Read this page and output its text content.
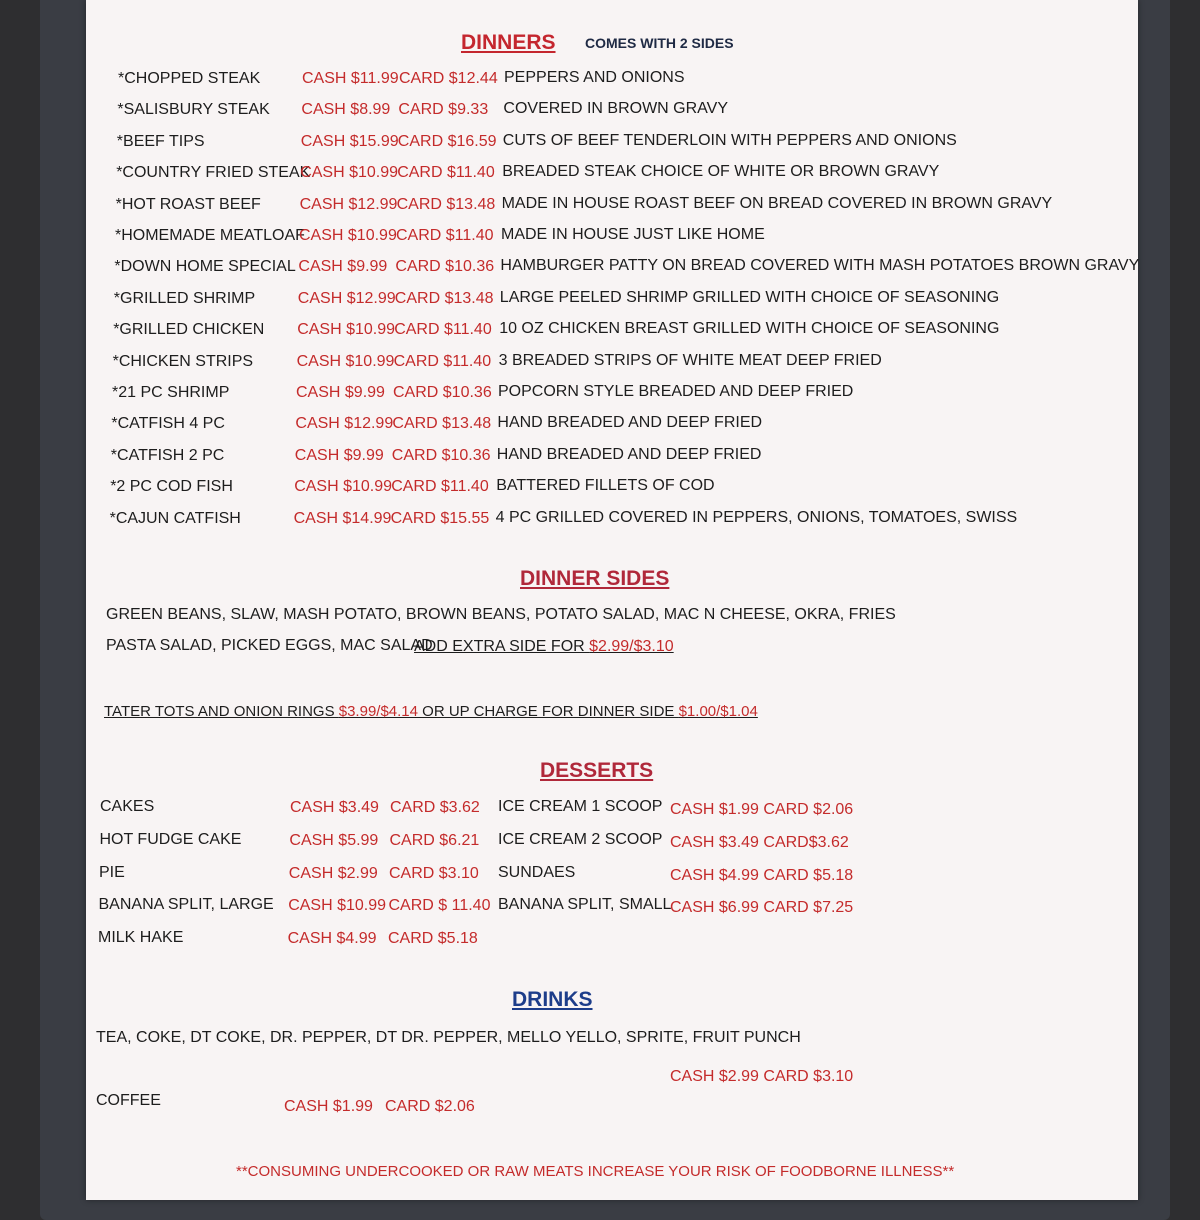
DINNERS COMES WITH 2 SIDES
*CHOPPED STEAK	CASH $11.99 CARD $12.44 PEPPERS AND ONIONS
*SALISBURY STEAK CASH $8.99 CARD $9.33 COVERED IN BROWN GRAVY
*BEEF TIPS	CASH $15.99 CARD $16.59 CUTS OF BEEF TENDERLOIN WITH PEPPERS AND ONIONS
*COUNTRY FRIED STEAK
CASH $10.99 CARD $11.40 BREADED STEAK CHOICE OF WHITE OR BROWN GRAVY
*HOT ROAST BEEF CASH $12.99 CARD $13.48 MADE IN HOUSE ROAST BEEF ON BREAD COVERED IN BROWN GRAVY
*HOMEMADE MEATLOAF
CASH $10.99 CARD $11.40 MADE IN HOUSE JUST LIKE HOME
*DOWN HOME SPECIAL CASH $9.99 CARD $10.36 HAMBURGER PATTY ON BREAD COVERED WITH MASH POTATOES BROWN GRAVY
*GRILLED SHRIMP	CASH $12.99 CARD $13.48 LARGE PEELED SHRIMP GRILLED WITH CHOICE OF SEASONING
*GRILLED CHICKEN CASH $10.99 CARD $11.40 10 OZ CHICKEN BREAST GRILLED WITH CHOICE OF SEASONING
*CHICKEN STRIPS	CASH $10.99 CARD $11.40 3 BREADED STRIPS OF WHITE MEAT DEEP FRIED
*21 PC SHRIMP	CASH $9.99 CARD $10.36 POPCORN STYLE BREADED AND DEEP FRIED
*CATFISH 4 PC	CASH $12.99 CARD $13.48 HAND BREADED AND DEEP FRIED
*CATFISH 2 PC	CASH $9.99 CARD $10.36 HAND BREADED AND DEEP FRIED
*2 PC COD FISH	CASH $10.99 CARD $11.40 BATTERED FILLETS OF COD
*CAJUN CATFISH	CASH $14.99 CARD $15.55 4 PC GRILLED COVERED IN PEPPERS, ONIONS, TOMATOES, SWISS
DINNER SIDES
GREEN BEANS, SLAW, MASH POTATO, BROWN BEANS, POTATO SALAD, MAC N CHEESE, OKRA, FRIES
PASTA SALAD, PICKED EGGS, MAC SALAD
ADD EXTRA SIDE FOR $2.99/$3.10
TATER TOTS AND ONION RINGS $3.99/$4.14 OR UP CHARGE FOR DINNER SIDE $1.00/$1.04
DESSERTS
CAKES	CASH $3.49 CARD $3.62
HOT FUDGE CAKE	CASH $5.99 CARD $6.21
PIE	CASH $2.99 CARD $3.10
BANANA SPLIT, LARGE CASH $10.99 CARD $ 11.40
MILK HAKE	CASH $4.99 CARD $5.18
ICE CREAM 1 SCOOP CASH $1.99 CARD $2.06
ICE CREAM 2 SCOOP CASH $3.49 CARD$3.62
SUNDAES	CASH $4.99 CARD $5.18
BANANA SPLIT, SMALL
CASH $6.99 CARD $7.25
DRINKS
TEA, COKE, DT COKE, DR. PEPPER, DT DR. PEPPER, MELLO YELLO, SPRITE, FRUIT PUNCH
CASH $2.99 CARD $3.10
COFFEE	CASH $1.99 CARD $2.06
**CONSUMING UNDERCOOKED OR RAW MEATS INCREASE YOUR RISK OF FOODBORNE ILLNESS**
